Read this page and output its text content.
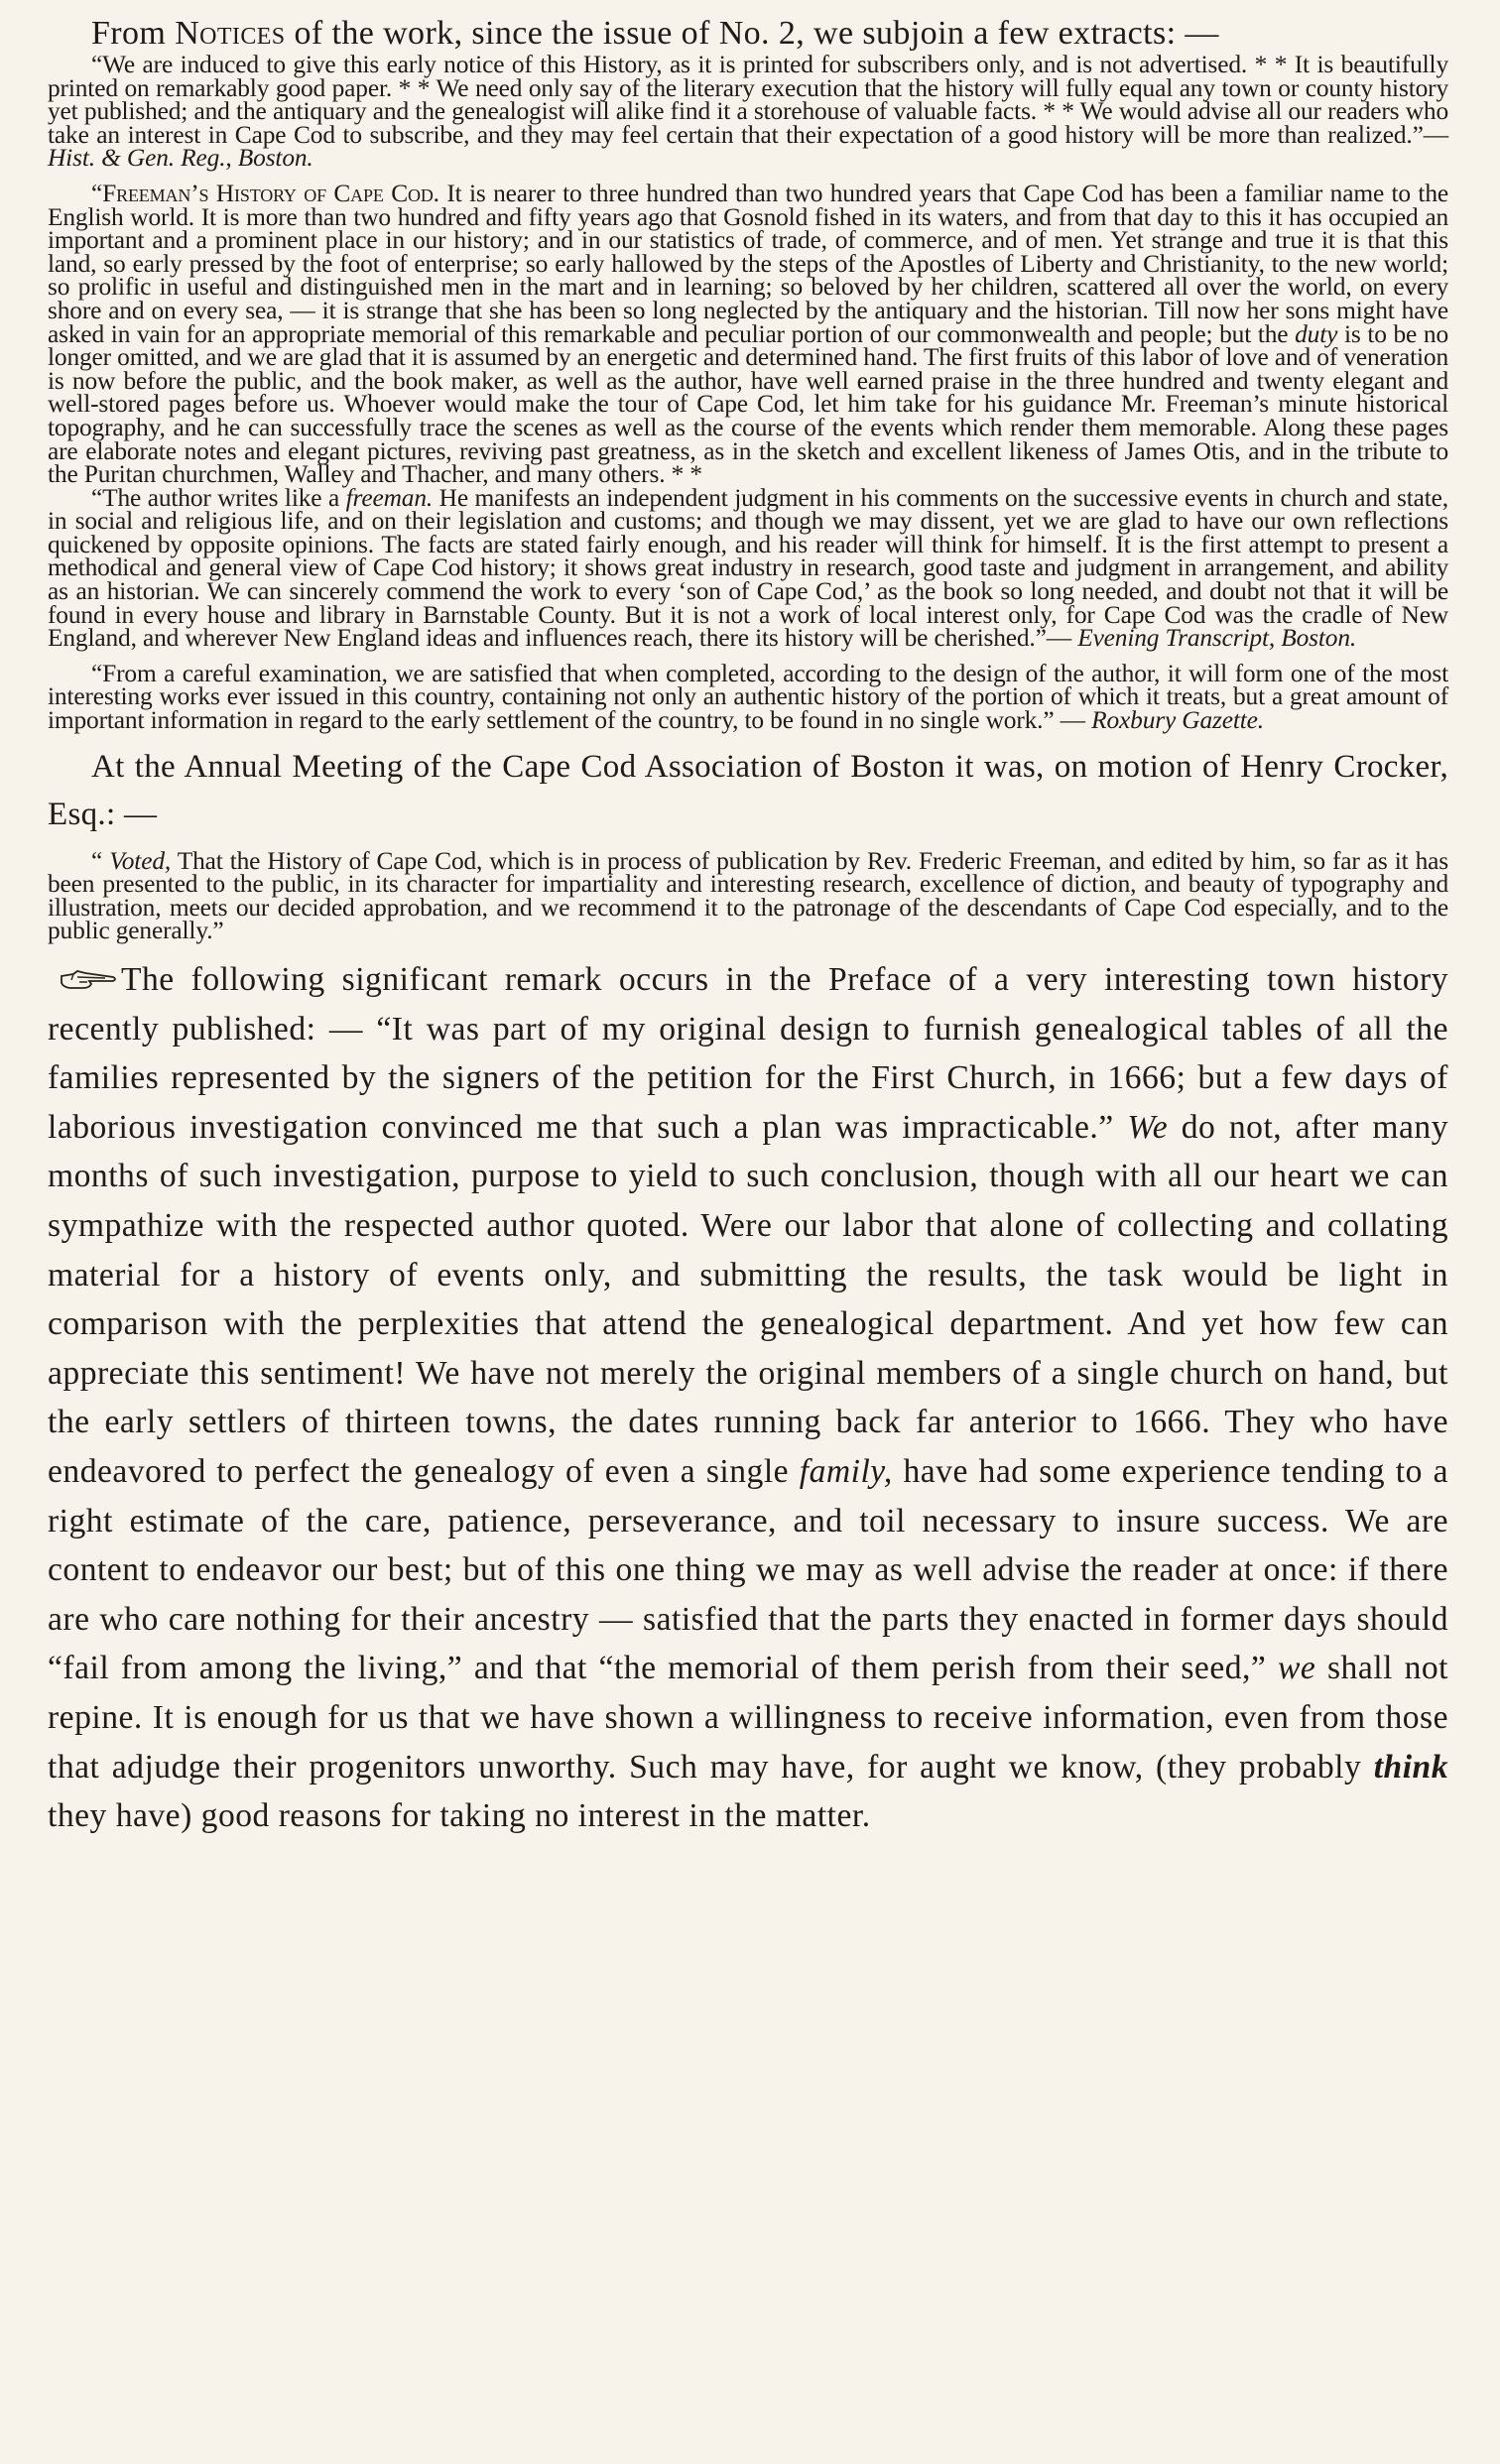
From Notices of the work, since the issue of No. 2, we subjoin a few extracts: —

“We are induced to give this early notice of this History, as it is printed for subscribers only, and is not advertised. * * It is beautifully printed on remarkably good paper. * * We need only say of the literary execution that the history will fully equal any town or county history yet published; and the antiquary and the genealogist will alike find it a storehouse of valuable facts. * * We would advise all our readers who take an interest in Cape Cod to subscribe, and they may feel certain that their expectation of a good history will be more than realized.”— Hist. & Gen. Reg., Boston.

“Freeman’s History of Cape Cod. It is nearer to three hundred than two hundred years that Cape Cod has been a familiar name to the English world. It is more than two hundred and fifty years ago that Gosnold fished in its waters, and from that day to this it has occupied an important and a prominent place in our history; and in our statistics of trade, of commerce, and of men. Yet strange and true it is that this land, so early pressed by the foot of enterprise; so early hallowed by the steps of the Apostles of Liberty and Christianity, to the new world; so prolific in useful and distinguished men in the mart and in learning; so beloved by her children, scattered all over the world, on every shore and on every sea, — it is strange that she has been so long neglected by the antiquary and the historian. Till now her sons might have asked in vain for an appropriate memorial of this remarkable and peculiar portion of our commonwealth and people; but the duty is to be no longer omitted, and we are glad that it is assumed by an energetic and determined hand. The first fruits of this labor of love and of veneration is now before the public, and the book maker, as well as the author, have well earned praise in the three hundred and twenty elegant and well-stored pages before us. Whoever would make the tour of Cape Cod, let him take for his guidance Mr. Freeman’s minute historical topography, and he can successfully trace the scenes as well as the course of the events which render them memorable. Along these pages are elaborate notes and elegant pictures, reviving past greatness, as in the sketch and excellent likeness of James Otis, and in the tribute to the Puritan churchmen, Walley and Thacher, and many others. * *

“The author writes like a freeman. He manifests an independent judgment in his comments on the successive events in church and state, in social and religious life, and on their legislation and customs; and though we may dissent, yet we are glad to have our own reflections quickened by opposite opinions. The facts are stated fairly enough, and his reader will think for himself. It is the first attempt to present a methodical and general view of Cape Cod history; it shows great industry in research, good taste and judgment in arrangement, and ability as an historian. We can sincerely commend the work to every ‘son of Cape Cod,’ as the book so long needed, and doubt not that it will be found in every house and library in Barnstable County. But it is not a work of local interest only, for Cape Cod was the cradle of New England, and wherever New England ideas and influences reach, there its history will be cherished.”— Evening Transcript, Boston.

“From a careful examination, we are satisfied that when completed, according to the design of the author, it will form one of the most interesting works ever issued in this country, containing not only an authentic history of the portion of which it treats, but a great amount of important information in regard to the early settlement of the country, to be found in no single work.” — Roxbury Gazette.

At the Annual Meeting of the Cape Cod Association of Boston it was, on motion of Henry Crocker, Esq.: —

“ Voted, That the History of Cape Cod, which is in process of publication by Rev. Frederic Freeman, and edited by him, so far as it has been presented to the public, in its character for impartiality and interesting research, excellence of diction, and beauty of typography and illustration, meets our decided approbation, and we recommend it to the patronage of the descendants of Cape Cod especially, and to the public generally.”

The following significant remark occurs in the Preface of a very interesting town history recently published: — “It was part of my original design to furnish genealogical tables of all the families represented by the signers of the petition for the First Church, in 1666; but a few days of laborious investigation convinced me that such a plan was impracticable.” We do not, after many months of such investigation, purpose to yield to such conclusion, though with all our heart we can sympathize with the respected author quoted. Were our labor that alone of collecting and collating material for a history of events only, and submitting the results, the task would be light in comparison with the perplexities that attend the genealogical department. And yet how few can appreciate this sentiment! We have not merely the original members of a single church on hand, but the early settlers of thirteen towns, the dates running back far anterior to 1666. They who have endeavored to perfect the genealogy of even a single family, have had some experience tending to a right estimate of the care, patience, perseverance, and toil necessary to insure success. We are content to endeavor our best; but of this one thing we may as well advise the reader at once: if there are who care nothing for their ancestry — satisfied that the parts they enacted in former days should “fail from among the living,” and that “the memorial of them perish from their seed,” we shall not repine. It is enough for us that we have shown a willingness to receive information, even from those that adjudge their progenitors unworthy. Such may have, for aught we know, (they probably think they have) good reasons for taking no interest in the matter.
